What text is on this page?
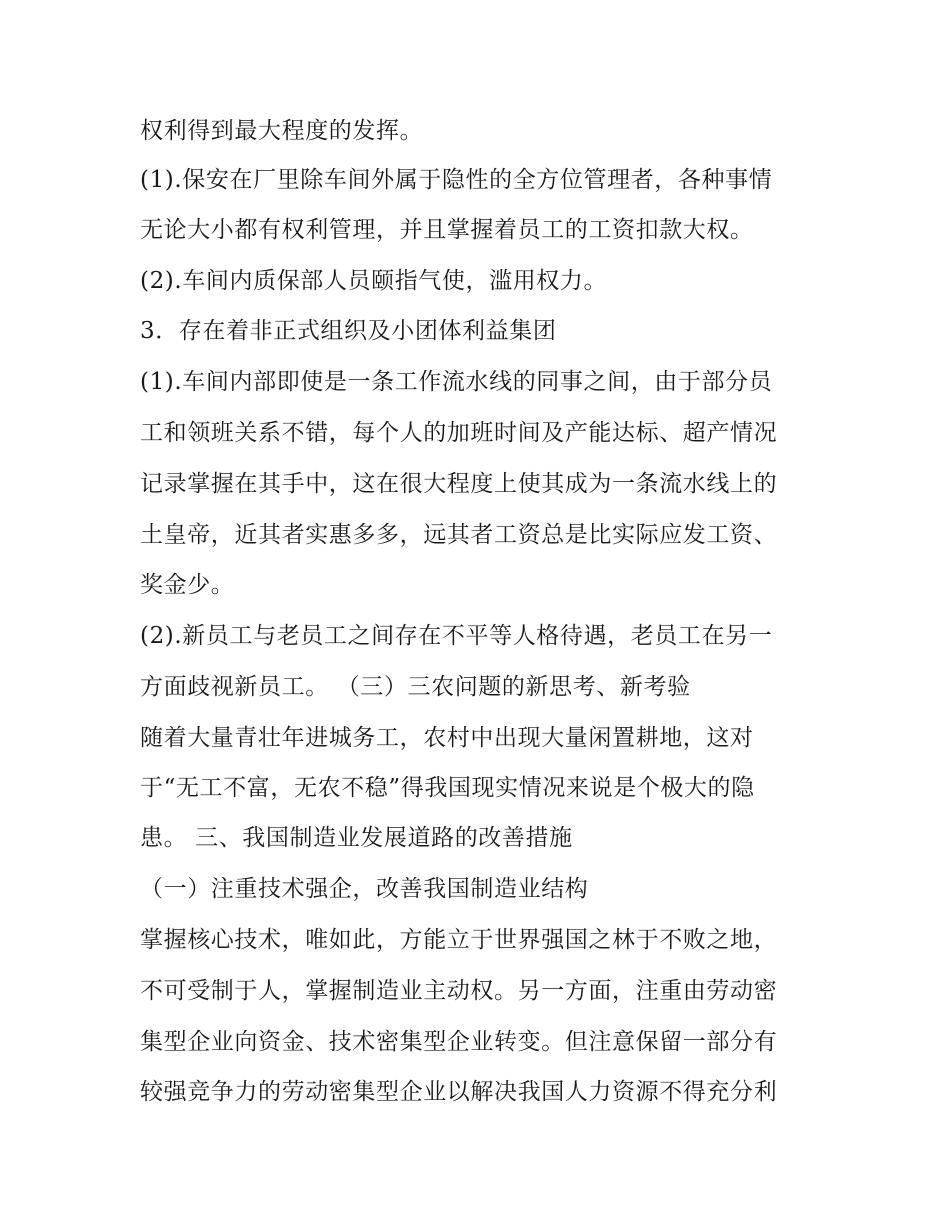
权利得到最大程度的发挥。
(1).保安在厂里除车间外属于隐性的全方位管理者，各种事情
无论大小都有权利管理，并且掌握着员工的工资扣款大权。
(2).车间内质保部人员颐指气使，滥用权力。
3．存在着非正式组织及小团体利益集团
(1).车间内部即使是一条工作流水线的同事之间，由于部分员
工和领班关系不错，每个人的加班时间及产能达标、超产情况
记录掌握在其手中，这在很大程度上使其成为一条流水线上的
土皇帝，近其者实惠多多，远其者工资总是比实际应发工资、
奖金少。
(2).新员工与老员工之间存在不平等人格待遇，老员工在另一
方面歧视新员工。 （三）三农问题的新思考、新考验
随着大量青壮年进城务工，农村中出现大量闲置耕地，这对
于“无工不富，无农不稳”得我国现实情况来说是个极大的隐
患。 三、我国制造业发展道路的改善措施
（一）注重技术强企，改善我国制造业结构
掌握核心技术，唯如此，方能立于世界强国之林于不败之地，
不可受制于人，掌握制造业主动权。另一方面，注重由劳动密
集型企业向资金、技术密集型企业转变。但注意保留一部分有
较强竞争力的劳动密集型企业以解决我国人力资源不得充分利
